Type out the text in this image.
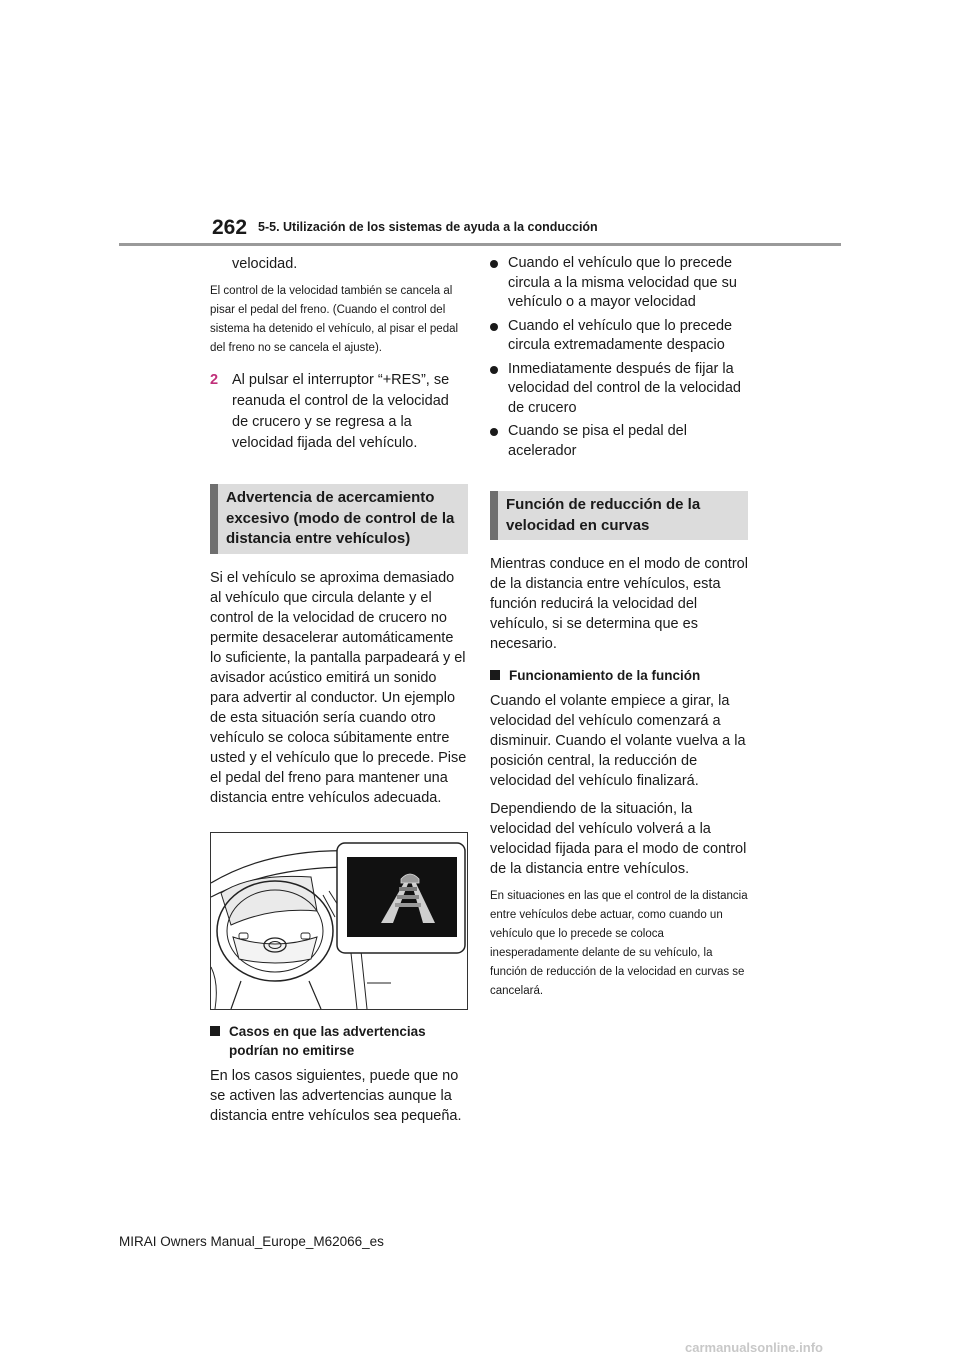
262 5-5. Utilización de los sistemas de ayuda a la conducción

velocidad.

El control de la velocidad también se cancela al pisar el pedal del freno. (Cuando el control del sistema ha detenido el vehículo, al pisar el pedal del freno no se cancela el ajuste).

2 Al pulsar el interruptor “+RES”, se reanuda el control de la velocidad de crucero y se regresa a la velocidad fijada del vehículo.
Advertencia de acercamiento excesivo (modo de control de la distancia entre vehículos)

Si el vehículo se aproxima demasiado al vehículo que circula delante y el control de la velocidad de crucero no permite desacelerar automáticamente lo suficiente, la pantalla parpadeará y el avisador acústico emitirá un sonido para advertir al conductor. Un ejemplo de esta situación sería cuando otro vehículo se coloca súbitamente entre usted y el vehículo que lo precede. Pise el pedal del freno para mantener una distancia entre vehículos adecuada.

Casos en que las advertencias podrían no emitirse

En los casos siguientes, puede que no se activen las advertencias aunque la distancia entre vehículos sea pequeña.

Cuando el vehículo que lo precede circula a la misma velocidad que su vehículo o a mayor velocidad
Cuando el vehículo que lo precede circula extremadamente despacio
Inmediatamente después de fijar la velocidad del control de la velocidad de crucero
Cuando se pisa el pedal del acelerador
Función de reducción de la velocidad en curvas

Mientras conduce en el modo de control de la distancia entre vehículos, esta función reducirá la velocidad del vehículo, si se determina que es necesario.

Funcionamiento de la función

Cuando el volante empiece a girar, la velocidad del vehículo comenzará a disminuir. Cuando el volante vuelva a la posición central, la reducción de velocidad del vehículo finalizará.

Dependiendo de la situación, la velocidad del vehículo volverá a la velocidad fijada para el modo de control de la distancia entre vehículos.

En situaciones en las que el control de la distancia entre vehículos debe actuar, como cuando un vehículo que lo precede se coloca inesperadamente delante de su vehículo, la función de reducción de la velocidad en curvas se cancelará.

MIRAI Owners Manual_Europe_M62066_es
carmanualsonline.info
